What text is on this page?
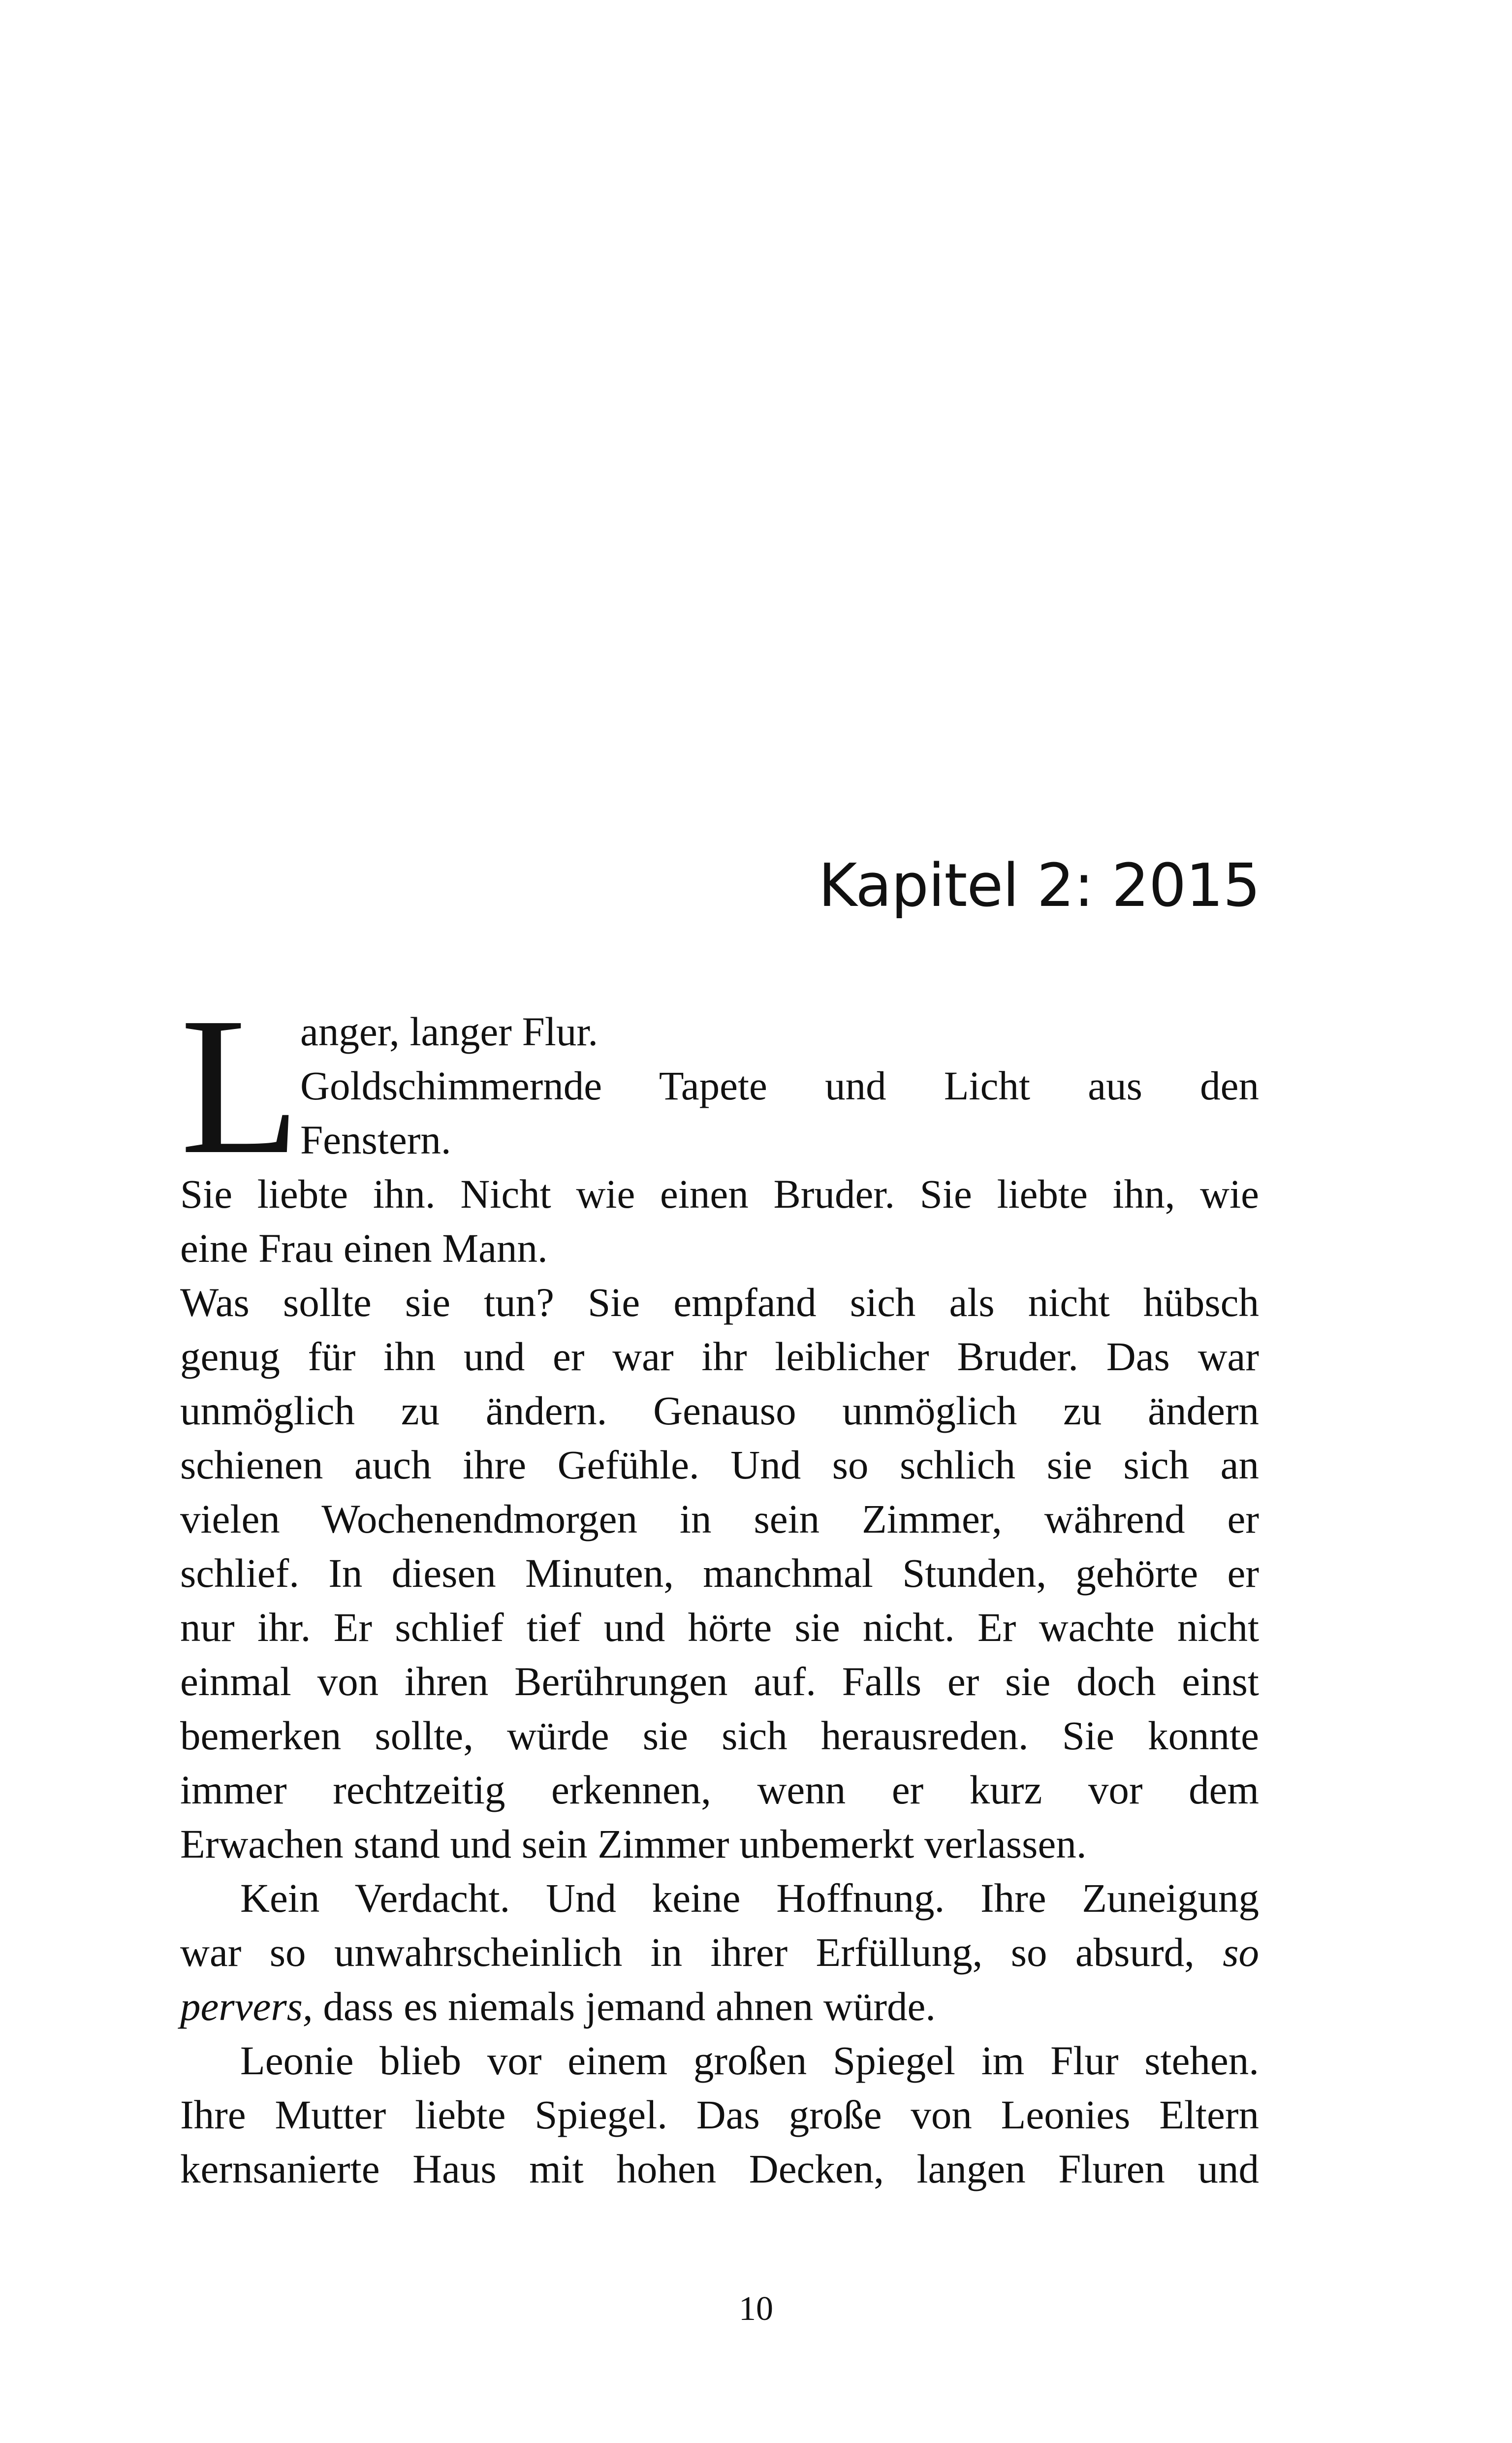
Kapitel 2: 2015
L anger, langer Flur.
Goldschimmernde Tapete und Licht aus den
Fenstern.
Sie liebte ihn. Nicht wie einen Bruder. Sie liebte ihn, wie
eine Frau einen Mann.
Was sollte sie tun? Sie empfand sich als nicht hübsch
genug für ihn und er war ihr leiblicher Bruder. Das war
unmöglich zu ändern. Genauso unmöglich zu ändern
schienen auch ihre Gefühle. Und so schlich sie sich an
vielen Wochenendmorgen in sein Zimmer, während er
schlief. In diesen Minuten, manchmal Stunden, gehörte er
nur ihr. Er schlief tief und hörte sie nicht. Er wachte nicht
einmal von ihren Berührungen auf. Falls er sie doch einst
bemerken sollte, würde sie sich herausreden. Sie konnte
immer rechtzeitig erkennen, wenn er kurz vor dem
Erwachen stand und sein Zimmer unbemerkt verlassen.
Kein Verdacht. Und keine Hoffnung. Ihre Zuneigung
war so unwahrscheinlich in ihrer Erfüllung, so absurd, so
pervers, dass es niemals jemand ahnen würde.
Leonie blieb vor einem großen Spiegel im Flur stehen.
Ihre Mutter liebte Spiegel. Das große von Leonies Eltern
kernsanierte Haus mit hohen Decken, langen Fluren und
10
